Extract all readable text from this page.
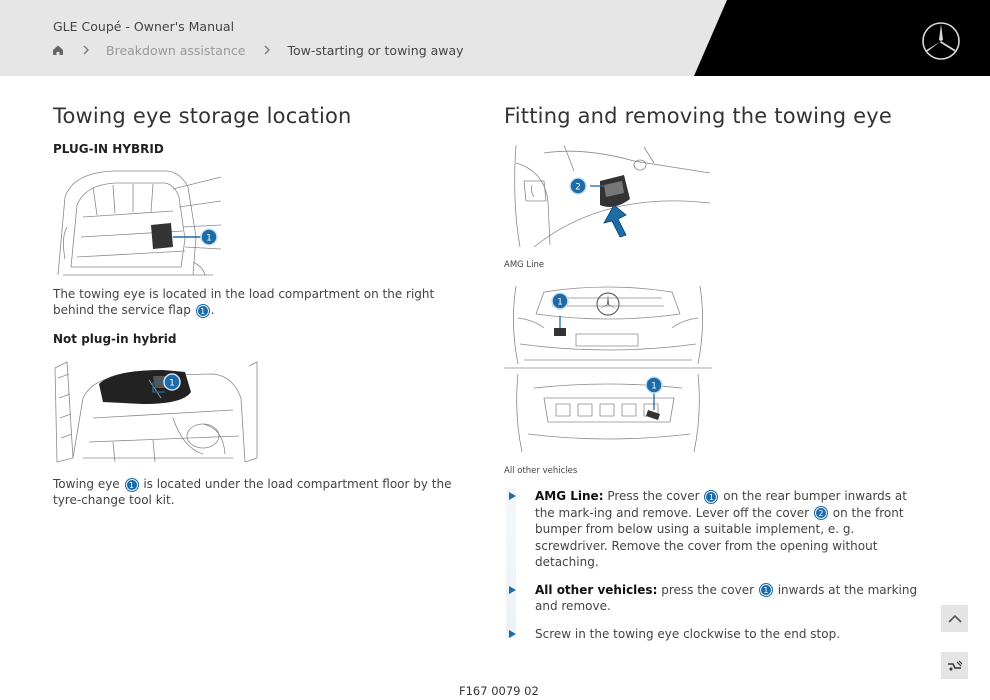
GLE Coupé - Owner's Manual
Breakdown assistance	Tow-starting or towing away
Towing eye storage location
PLUG-IN HYBRID
1
The towing eye is located in the load compartment on the right behind the service flap 1 .
Not plug-in hybrid
1
Towing eye 1 is located under the load compartment floor by the tyre-change tool kit.
Fitting and removing the towing eye
2
AMG Line
1
1
All other vehicles
AMG Line: Press the cover 1 on the rear bumper inwards at the mark-ing and remove. Lever off the cover 2 on the front bumper from below using a suitable implement, e. g. screwdriver. Remove the cover from the opening without detaching.
All other vehicles: press the cover 1 inwards at the marking and remove.
Screw in the towing eye clockwise to the end stop.
F167 0079 02
